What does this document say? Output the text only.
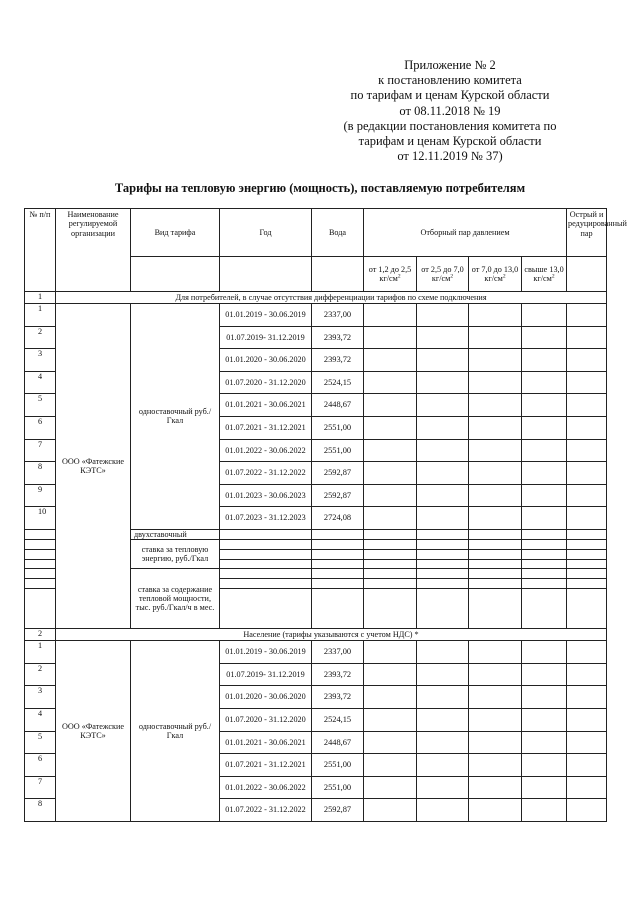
Приложение № 2
к постановлению комитета
по тарифам и ценам Курской области
от 08.11.2018 № 19
(в редакции постановления комитета по
тарифам и ценам Курской области
от 12.11.2019 № 37)
Тарифы на тепловую энергию (мощность), поставляемую потребителям
№ п/п	Наименование регулируемой организации	Вид тарифа	Год	Вода	Отборный пар давлением				Острый и редуцированный пар
					от 1,2 до 2,5 $кг/см^2$	от 2,5 до 7,0 $кг/см^2$	от 7,0 до 13,0 $кг/см^2$	свыше 13,0 $кг/см^2$	
1	Для потребителей, в случае отсутствия дифференциации тарифов по схеме подключения								
1	ООО «Фатежские КЭТС»	одноставочный руб./Гкал	01.01.2019 - 30.06.2019	2337,00					
2			01.07.2019- 31.12.2019	2393,72					
3			01.01.2020 - 30.06.2020	2393,72					
4			01.07.2020 - 31.12.2020	2524,15					
5			01.01.2021 - 30.06.2021	2448,67					
6			01.07.2021 - 31.12.2021	2551,00					
7			01.01.2022 - 30.06.2022	2551,00					
8			01.07.2022 - 31.12.2022	2592,87					
9			01.01.2023 - 30.06.2023	2592,87					
10			01.07.2023 - 31.12.2023	2724,08					
		двухставочный							
		ставка за тепловую энергию, руб./Гкал							

		ставка за содержание тепловой мощности, тыс. руб./Гкал/ч в мес.							

2	Население (тарифы указываются с учетом НДС) *								
1	ООО «Фатежские КЭТС»	одноставочный руб./Гкал	01.01.2019 - 30.06.2019	2337,00					
2			01.07.2019- 31.12.2019	2393,72					
3			01.01.2020 - 30.06.2020	2393,72					
4			01.07.2020 - 31.12.2020	2524,15					
5			01.01.2021 - 30.06.2021	2448,67					
6			01.07.2021 - 31.12.2021	2551,00					
7			01.01.2022 - 30.06.2022	2551,00					
8			01.07.2022 - 31.12.2022	2592,87					
